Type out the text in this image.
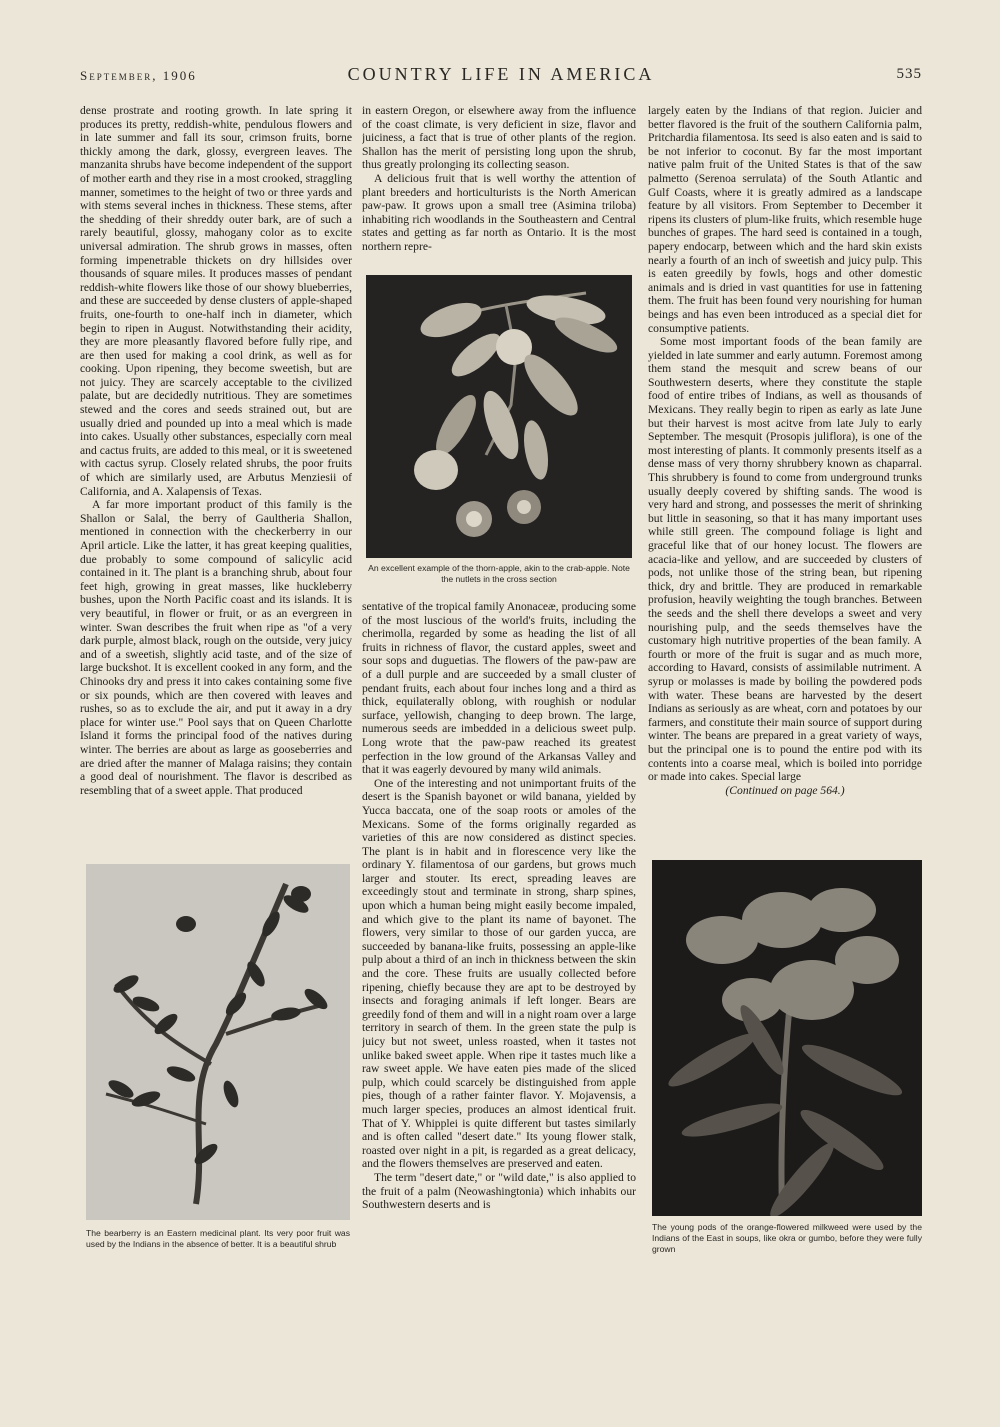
September, 1906	COUNTRY LIFE IN AMERICA	535

dense prostrate and rooting growth. In late spring it produces its pretty, reddish-white, pendulous flowers and in late summer and fall its sour, crimson fruits, borne thickly among the dark, glossy, evergreen leaves. The manzanita shrubs have become independent of the support of mother earth and they rise in a most crooked, straggling manner, sometimes to the height of two or three yards and with stems several inches in thickness. These stems, after the shedding of their shreddy outer bark, are of such a rarely beautiful, glossy, mahogany color as to excite universal admiration. The shrub grows in masses, often forming impenetrable thickets on dry hillsides over thousands of square miles. It produces masses of pendant reddish-white flowers like those of our showy blueberries, and these are succeeded by dense clusters of apple-shaped fruits, one-fourth to one-half inch in diameter, which begin to ripen in August. Notwithstanding their acidity, they are more pleasantly flavored before fully ripe, and are then used for making a cool drink, as well as for cooking. Upon ripening, they become sweetish, but are not juicy. They are scarcely acceptable to the civilized palate, but are decidedly nutritious. They are sometimes stewed and the cores and seeds strained out, but are usually dried and pounded up into a meal which is made into cakes. Usually other substances, especially corn meal and cactus fruits, are added to this meal, or it is sweetened with cactus syrup. Closely related shrubs, the poor fruits of which are similarly used, are Arbutus Menziesii of California, and A. Xalapensis of Texas.

A far more important product of this family is the Shallon or Salal, the berry of Gaultheria Shallon, mentioned in connection with the checkerberry in our April article. Like the latter, it has great keeping qualities, due probably to some compound of salicylic acid contained in it. The plant is a branching shrub, about four feet high, growing in great masses, like huckleberry bushes, upon the North Pacific coast and its islands. It is very beautiful, in flower or fruit, or as an evergreen in winter. Swan describes the fruit when ripe as "of a very dark purple, almost black, rough on the outside, very juicy and of a sweetish, slightly acid taste, and of the size of large buckshot. It is excellent cooked in any form, and the Chinooks dry and press it into cakes containing some five or six pounds, which are then covered with leaves and rushes, so as to exclude the air, and put it away in a dry place for winter use." Pool says that on Queen Charlotte Island it forms the principal food of the natives during winter. The berries are about as large as gooseberries and are dried after the manner of Malaga raisins; they contain a good deal of nourishment. The flavor is described as resembling that of a sweet apple. That produced

in eastern Oregon, or elsewhere away from the influence of the coast climate, is very deficient in size, flavor and juiciness, a fact that is true of other plants of the region. Shallon has the merit of persisting long upon the shrub, thus greatly prolonging its collecting season.

A delicious fruit that is well worthy the attention of plant breeders and horticulturists is the North American paw-paw. It grows upon a small tree (Asimina triloba) inhabiting rich woodlands in the Southeastern and Central states and getting as far north as Ontario. It is the most northern repre-

An excellent example of the thorn-apple, akin to the crab-apple. Note the nutlets in the cross section

sentative of the tropical family Anonaceæ, producing some of the most luscious of the world's fruits, including the cherimolla, regarded by some as heading the list of all fruits in richness of flavor, the custard apples, sweet and sour sops and duguetias. The flowers of the paw-paw are of a dull purple and are succeeded by a small cluster of pendant fruits, each about four inches long and a third as thick, equilaterally oblong, with roughish or nodular surface, yellowish, changing to deep brown. The large, numerous seeds are imbedded in a delicious sweet pulp. Long wrote that the paw-paw reached its greatest perfection in the low ground of the Arkansas Valley and that it was eagerly devoured by many wild animals.

One of the interesting and not unimportant fruits of the desert is the Spanish bayonet or wild banana, yielded by Yucca baccata, one of the soap roots or amoles of the Mexicans. Some of the forms originally regarded as varieties of this are now considered as distinct species. The plant is in habit and in florescence very like the ordinary Y. filamentosa of our gardens, but grows much larger and stouter. Its erect, spreading leaves are exceedingly stout and terminate in strong, sharp spines, upon which a human being might easily become impaled, and which give to the plant its name of bayonet. The flowers, very similar to those of our garden yucca, are succeeded by banana-like fruits, possessing an apple-like pulp about a third of an inch in thickness between the skin and the core. These fruits are usually collected before ripening, chiefly because they are apt to be destroyed by insects and foraging animals if left longer. Bears are greedily fond of them and will in a night roam over a large territory in search of them. In the green state the pulp is juicy but not sweet, unless roasted, when it tastes not unlike baked sweet apple. When ripe it tastes much like a raw sweet apple. We have eaten pies made of the sliced pulp, which could scarcely be distinguished from apple pies, though of a rather fainter flavor. Y. Mojavensis, a much larger species, produces an almost identical fruit. That of Y. Whipplei is quite different but tastes similarly and is often called "desert date." Its young flower stalk, roasted over night in a pit, is regarded as a great delicacy, and the flowers themselves are preserved and eaten.

The term "desert date," or "wild date," is also applied to the fruit of a palm (Neowashingtonia) which inhabits our Southwestern deserts and is

largely eaten by the Indians of that region. Juicier and better flavored is the fruit of the southern California palm, Pritchardia filamentosa. Its seed is also eaten and is said to be not inferior to coconut. By far the most important native palm fruit of the United States is that of the saw palmetto (Serenoa serrulata) of the South Atlantic and Gulf Coasts, where it is greatly admired as a landscape feature by all visitors. From September to December it ripens its clusters of plum-like fruits, which resemble huge bunches of grapes. The hard seed is contained in a tough, papery endocarp, between which and the hard skin exists nearly a fourth of an inch of sweetish and juicy pulp. This is eaten greedily by fowls, hogs and other domestic animals and is dried in vast quantities for use in fattening them. The fruit has been found very nourishing for human beings and has even been introduced as a special diet for consumptive patients.

Some most important foods of the bean family are yielded in late summer and early autumn. Foremost among them stand the mesquit and screw beans of our Southwestern deserts, where they constitute the staple food of entire tribes of Indians, as well as thousands of Mexicans. They really begin to ripen as early as late June but their harvest is most acitve from late July to early September. The mesquit (Prosopis juliflora), is one of the most interesting of plants. It commonly presents itself as a dense mass of very thorny shrubbery known as chaparral. This shrubbery is found to come from underground trunks usually deeply covered by shifting sands. The wood is very hard and strong, and possesses the merit of shrinking but little in seasoning, so that it has many important uses while still green. The compound foliage is light and graceful like that of our honey locust. The flowers are acacia-like and yellow, and are succeeded by clusters of pods, not unlike those of the string bean, but ripening thick, dry and brittle. They are produced in remarkable profusion, heavily weighting the tough branches. Between the seeds and the shell there develops a sweet and very nourishing pulp, and the seeds themselves have the customary high nutritive properties of the bean family. A fourth or more of the fruit is sugar and as much more, according to Havard, consists of assimilable nutriment. A syrup or molasses is made by boiling the powdered pods with water. These beans are harvested by the desert Indians as seriously as are wheat, corn and potatoes by our farmers, and constitute their main source of support during winter. The beans are prepared in a great variety of ways, but the principal one is to pound the entire pod with its contents into a coarse meal, which is boiled into porridge or made into cakes. Special large

(Continued on page 564.)

The bearberry is an Eastern medicinal plant. Its very poor fruit was used by the Indians in the absence of better. It is a beautiful shrub
The young pods of the orange-flowered milkweed were used by the Indians of the East in soups, like okra or gumbo, before they were fully grown
